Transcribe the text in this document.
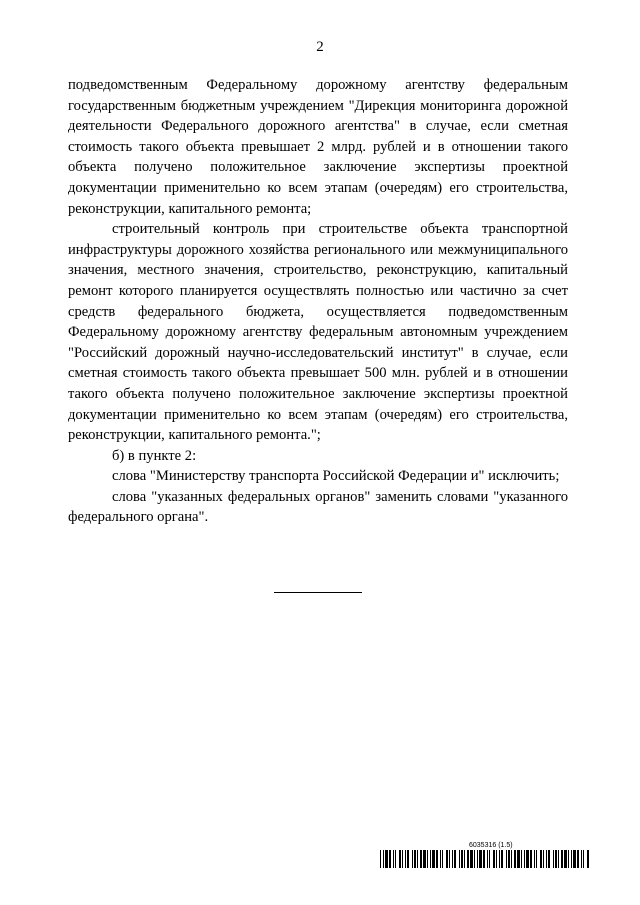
2

подведомственным Федеральному дорожному агентству федеральным государственным бюджетным учреждением "Дирекция мониторинга дорожной деятельности Федерального дорожного агентства" в случае, если сметная стоимость такого объекта превышает 2 млрд. рублей и в отношении такого объекта получено положительное заключение экспертизы проектной документации применительно ко всем этапам (очередям) его строительства, реконструкции, капитального ремонта;

строительный контроль при строительстве объекта транспортной инфраструктуры дорожного хозяйства регионального или межмуниципального значения, местного значения, строительство, реконструкцию, капитальный ремонт которого планируется осуществлять полностью или частично за счет средств федерального бюджета, осуществляется подведомственным Федеральному дорожному агентству федеральным автономным учреждением "Российский дорожный научно-исследовательский институт" в случае, если сметная стоимость такого объекта превышает 500 млн. рублей и в отношении такого объекта получено положительное заключение экспертизы проектной документации применительно ко всем этапам (очередям) его строительства, реконструкции, капитального ремонта.";

б) в пункте 2:

слова "Министерству транспорта Российской Федерации и" исключить;

слова "указанных федеральных органов" заменить словами "указанного федерального органа".

6035316 (1.5)
